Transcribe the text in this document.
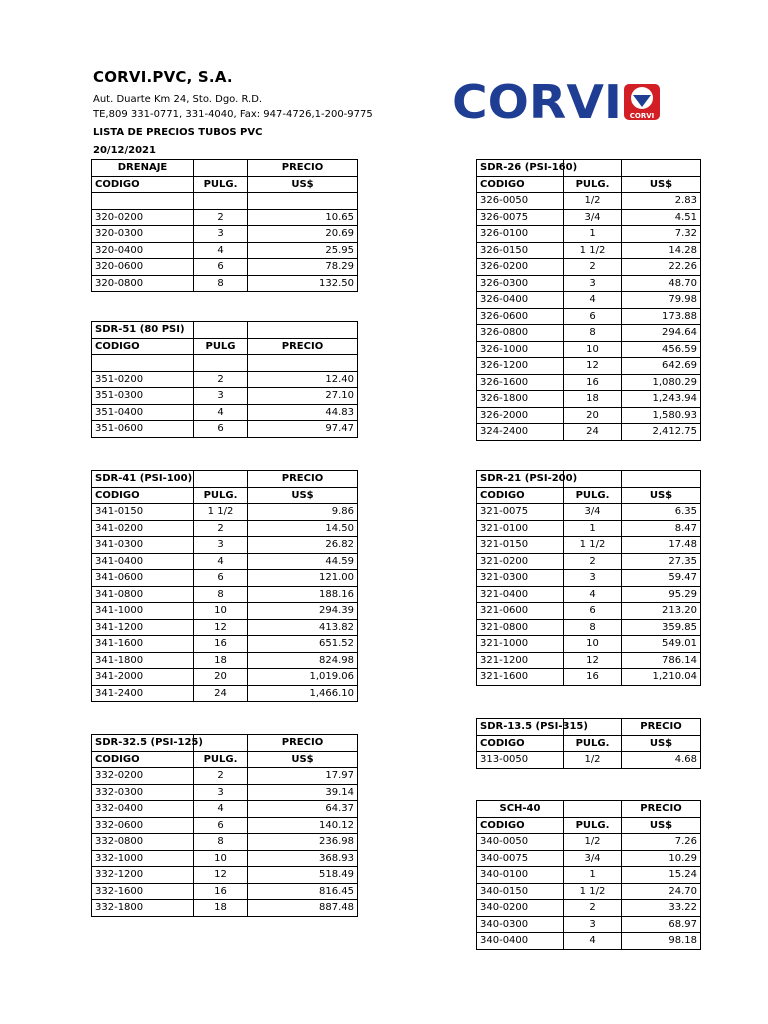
CORVI.PVC, S.A.
Aut. Duarte Km 24, Sto. Dgo. R.D.
TE,809 331-0771, 331-4040, Fax: 947-4726,1-200-9775
LISTA DE PRECIOS TUBOS PVC
20/12/2021
CORVI CORVI
DRENAJE		PRECIO
CODIGO	PULG.	US$

320-0200	2	10.65
320-0300	3	20.69
320-0400	4	25.95
320-0600	6	78.29
320-0800	8	132.50
SDR-51 (80 PSI)		
CODIGO	PULG	PRECIO

351-0200	2	12.40
351-0300	3	27.10
351-0400	4	44.83
351-0600	6	97.47
SDR-41 (PSI-100)		PRECIO
CODIGO	PULG.	US$
341-0150	1 1/2	9.86
341-0200	2	14.50
341-0300	3	26.82
341-0400	4	44.59
341-0600	6	121.00
341-0800	8	188.16
341-1000	10	294.39
341-1200	12	413.82
341-1600	16	651.52
341-1800	18	824.98
341-2000	20	1,019.06
341-2400	24	1,466.10
SDR-32.5 (PSI-125)		PRECIO
CODIGO	PULG.	US$
332-0200	2	17.97
332-0300	3	39.14
332-0400	4	64.37
332-0600	6	140.12
332-0800	8	236.98
332-1000	10	368.93
332-1200	12	518.49
332-1600	16	816.45
332-1800	18	887.48
SDR-26 (PSI-160)		
CODIGO	PULG.	US$
326-0050	1/2	2.83
326-0075	3/4	4.51
326-0100	1	7.32
326-0150	1 1/2	14.28
326-0200	2	22.26
326-0300	3	48.70
326-0400	4	79.98
326-0600	6	173.88
326-0800	8	294.64
326-1000	10	456.59
326-1200	12	642.69
326-1600	16	1,080.29
326-1800	18	1,243.94
326-2000	20	1,580.93
324-2400	24	2,412.75
SDR-21 (PSI-200)		
CODIGO	PULG.	US$
321-0075	3/4	6.35
321-0100	1	8.47
321-0150	1 1/2	17.48
321-0200	2	27.35
321-0300	3	59.47
321-0400	4	95.29
321-0600	6	213.20
321-0800	8	359.85
321-1000	10	549.01
321-1200	12	786.14
321-1600	16	1,210.04
SDR-13.5 (PSI-315)		PRECIO
CODIGO	PULG.	US$
313-0050	1/2	4.68
SCH-40		PRECIO
CODIGO	PULG.	US$
340-0050	1/2	7.26
340-0075	3/4	10.29
340-0100	1	15.24
340-0150	1 1/2	24.70
340-0200	2	33.22
340-0300	3	68.97
340-0400	4	98.18
